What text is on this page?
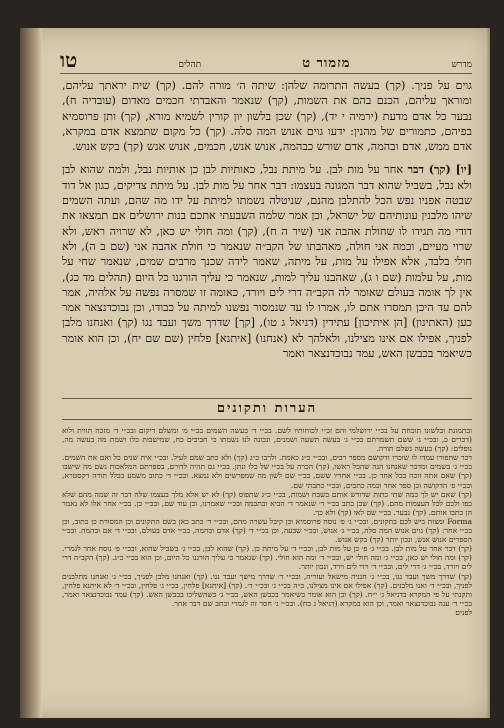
מדרש
מזמור ט
תהלים
טו

גוים על פניך. (קך) בעשה התרומה שלהן: שיתה ה׳ מורה להם. (קך) שית יראתך עליהם, ומוראך עליהם, הכנם בהם את השמות, (קך) שנאמר והאבדתי חכמים מאדום (עובדיה ח), נבער כל אדם מדעת (ירמיה י יד), (קך) שכן בלשון יון קורין לשמיא מורא, (קך) ותן פרוסמיא בפיהם, כתמורים של מהנין: ידעו גוים אנוש המה סלה. (קך) כל מקום שתמצא אדם במקרא, אדם ממש, אדם ובהמה, אדם שורש כבהמה, אנוש אנש, חכמים, אנוש אנש (קך) בקש אנוש.

[יו] (קך) דבר אחר על מות לבן. על מיתת נבל, כאותיות לבן כן אותיות נבל, ולמה שהוא לבן ולא נבל, בשביל שהוא דבר המגונה בעצמו: דבר אחר על מות לבן. על מיתת צדיקים, כגון אל דוד שבטה אפניו נפש הכל להתלבן מהנם, שניטלה נשמתו למיתת על ידו מה שהם, ועתה השמים שיהו מלבנין עונותיהם של ישראל, וכן אמר שלמה השבעתי אתכם בנות ירושלים אם תמצאו את דודי מה תגידו לו שחולת אהבה אני (שיר ה ח), (קך) ומה חולי יש כאן, לא שרויה ראש, ולא שרוי מעיים, וכמה אני חולה, מאהבתו של הקב״ה שנאמר כי חולת אהבה אני (שם ב ה), ולא חולי בלבד, אלא אפילו על מות, על מיתה, שאמר לידה שכנך מרבים שמים, שנאמר שחי על מות, על עלמות (שם ו ג), שאהבנו עליך למות, שנאמר כי עליך הורגנו כל היום (תהלים מד כג), אין לך אומה בעולם שאומר לה הקב״ה דרי לים ויורד, כאומה זו שמסרה נפשה על אלהיה, אמר להם עד היכן תמסרו אתם לו, אמרו לו עד שנמסור נפשנו למיתה על כבודו, וכן נבוכדנצאר אמר כען (האתינון) [הן איתיכון] עתידין (דניאל ג טו), [קך] שדרך משך ועבד נגו (קך) ואנחנו מלבן לפניך, אפילו אם אינו מצילנו, ולאלהך לא (אנחנו) [איתנא] פלחין (שם שם יח), וכן הוא אומר כשיאמר בכבשן האש, עמד נבוכדנצאר ואמר

הערות ותקונים

ובתמונת ובלשונו תוכחת על בכ״י ירושלמי והם זכ״י לכוחותיו לשם. בכ״י ד׳ בעשה השמים בכ״י מ׳ ומשלם דיקום ובכ״י ד׳ מזכה תווית ולוא (דכרים כ, ובכ״י ג׳ ששם תשמרתם בכ״י ג׳ בעשה תשעה ושמנים, ונכונה לנו נשמתו כי חביבים כח, שמישבות כלו ושמת מה בעשה מה, נופלים: (קך) בעשה נשלם תורה.

דכר שתפורו עמדו לו שזכרו ודקושם מספר רבים, ובכ״י כ״ג כאמת. ולרבו כ״ג (קך) ולא כתב שמם לעיל. ובכ״י אית שנים כל ואם את השמים. בכ״י ג׳ בשמים ומדבר שאנחנו הנה שהכל ראשו, (קך) הכרה על בכ״י של כלו ונתן. בכ״י גם תהיה לדורם, בספרתם המלאכות נשם מה שישבו (קך) שאם אתה זוכה בכל אחד כן. בכ״י אחריו ששם, בכ״י שם לשון מה שמפרשים ולא נמצא. ובכ״י ד׳ כתוב משמע בכלל תורה דקסטרא, ובכ״י פ׳ הדקושה וכן ספר אחד וכמה כתבים, ובכ״י כתבתי שם.

(קך) שאם יש לך כמה שתי כתות שדורש אותם בשבח ושמות, בכ״י כ״ג שתפוס (קך) לא יש אלא מלך בעצמו שלה דבר זה שמה מהם שלא כפו ולכם לכל העצמות מהם. (קך) שכן כתב בכ״י ד׳ שנאמר ד׳ הביא ובתכמה ובכ״י שאמרנו, וכן עוד שם, ובכ״י כן. בכ״י אחר אלו לא נאמר הן כתבו אותם. (קך) נבער. בכ״י שם לאו (קך) ולא כך.

Forma ומצות ביש לכם בתקונים, ובכ״י ג׳ פ׳ נוסח פרוסמיא וכן קיבל עשרה מהם, ובכ״י ד׳ כתב כאן בשם התקונים וכן המסורת כן כתוב, וכן בכ״י אחר: (קך) גוים אנוש המה סלה, בכ״י ג׳ אנוש, ובכ״י שבעה, וכן בכ״י ד׳ (קך) אדם ובהמה, בכ״י אדם בעולם, ובכ״י ד׳ אם ובהמה. ובכ״י הספרים אנוש אנש, ונכון יותר (קך) בקש אנוש.

(קך) דבר אחר על מות לבן. בכ״י ג׳ פ׳ כן על מות לבן, ובכ״י ד׳ על מיתת כן. (קך) שהוא לבן, בכ״י ג׳ בשביל שהוא, ובכ״י פ׳ נוסח אחר לגמרי. (קך) ומה חולי יש כאן, בכ״י ג׳ ומה חולי יש, ובכ״י ד׳ ומה הוא חולי. (קך) שנאמר כי עליך הורגנו כל היום, וכן הוא בכ״י כ״ג. (קך) הקב״ה דרי לים ויורד, בכ״י ג׳ דרי לים, ובכ״י ד׳ רדי לים וירד, ונכון יותר.

(קך) שדרך משך ועבד נגו, בכ״י ג׳ חנניה מישאל ועזריה, ובכ״י ד׳ שדרך מישך ועבד נגו. (קך) ואנחנו מלבן לפניך, בכ״י ג׳ ואנחנו מתלבנים לפניך, ובכ״י ד׳ ואנו מלבנים. (קך) אפילו אם אינו מצילנו, כ״ה בכ״י ג׳ ובכ״י ד׳. (קך) [איתנא] פלחין, בכ״י ג׳ פלחין, ובכ״י ד׳ לא איתנא פלחין, ותקנתי על פי המקרא בדניאל ג׳ י״ח. (קך) וכן הוא אומר כשיאמר בכבשן האש, בכ״י ג׳ כשהשליכו בכבשן האש. (קך) עמד נבוכדנצאר ואמר, בכ״י ד׳ ענה נבוכדנצאר ואמר, וכן הוא במקרא (דניאל ג כח). ובכ״י ג׳ חסר זה לגמרי וכתב שם דבר אחר.

לפנים
